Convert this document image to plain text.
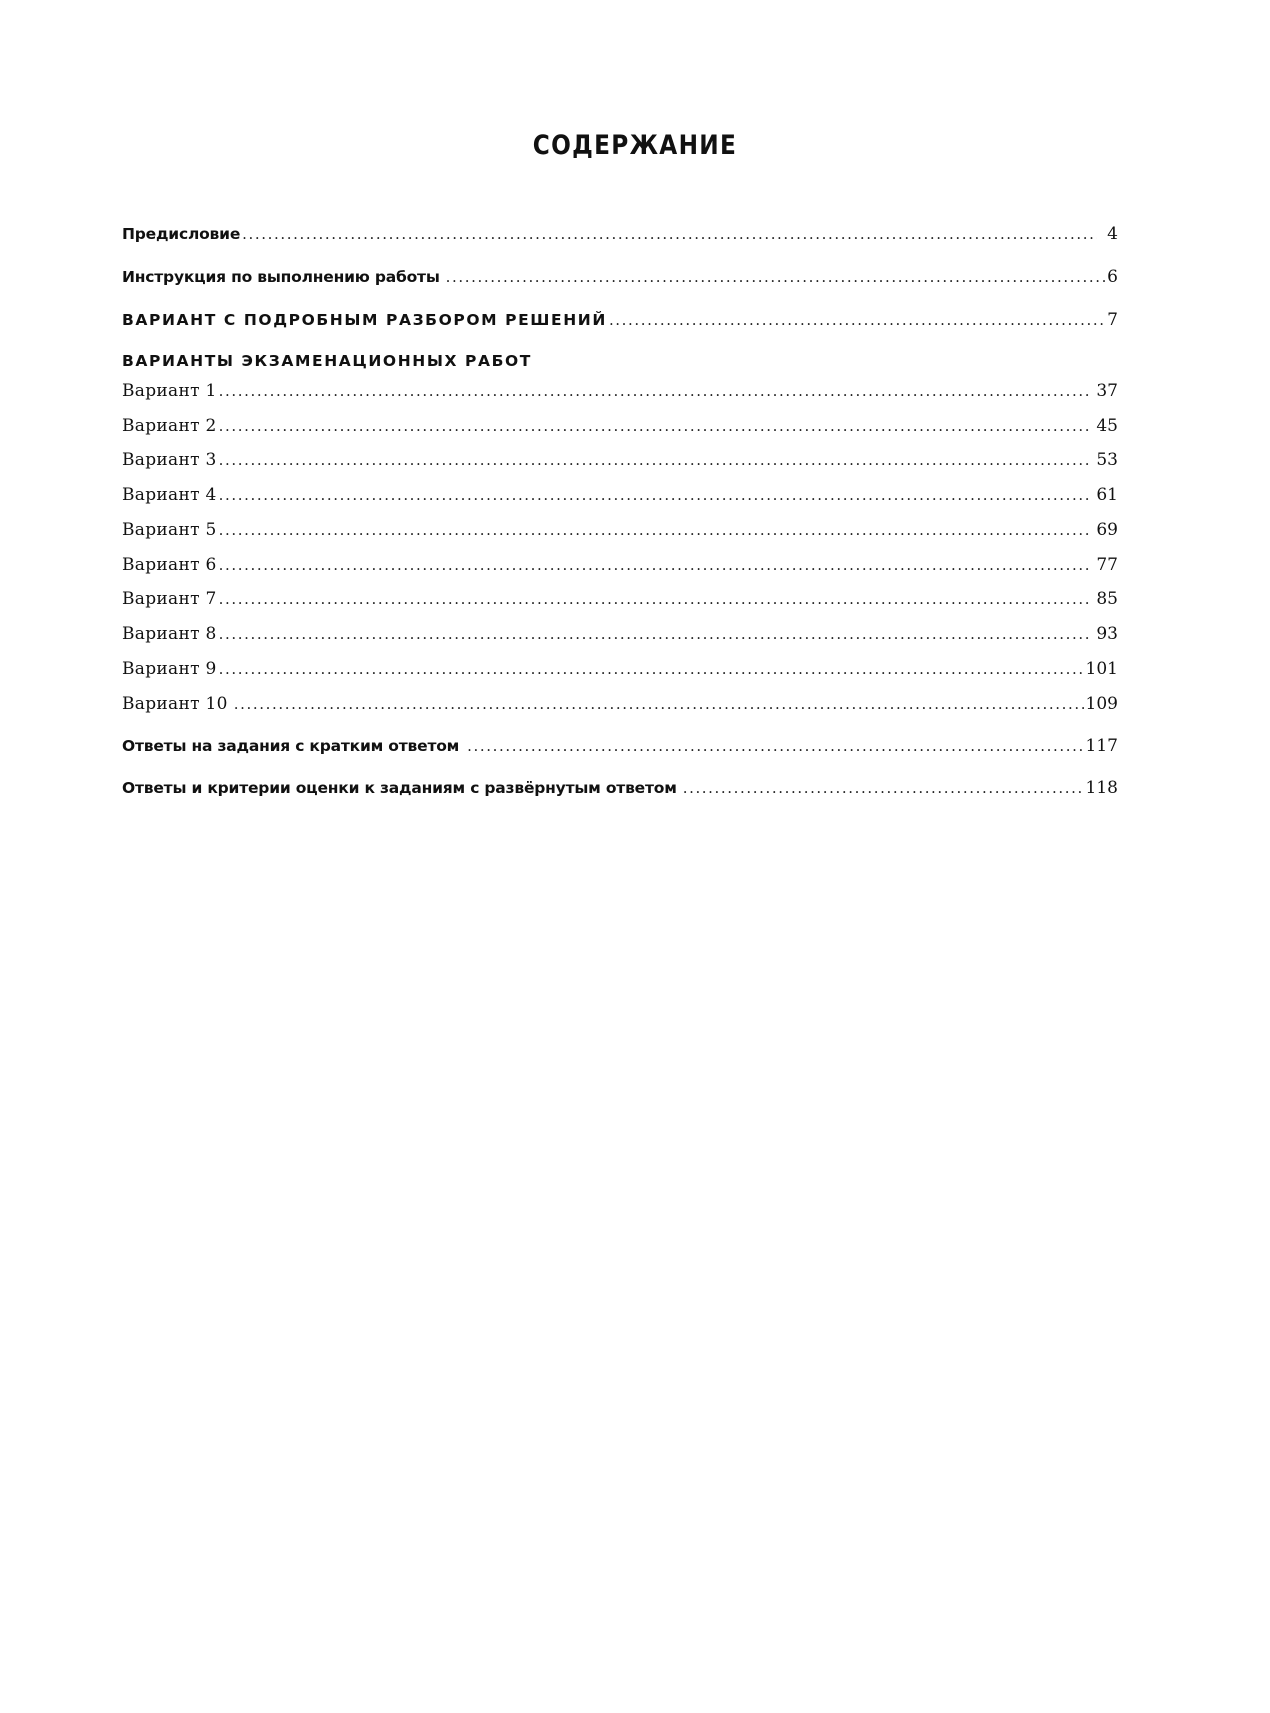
СОДЕРЖАНИЕ
Предисловие .....	4
Инструкция по выполнению работы .....	6
ВАРИАНТ С ПОДРОБНЫМ РАЗБОРОМ РЕШЕНИЙ .....	7
ВАРИАНТЫ ЭКЗАМЕНАЦИОННЫХ РАБОТ
Вариант 1 .....	37
Вариант 2 .....	45
Вариант 3 .....	53
Вариант 4 .....	61
Вариант 5 .....	69
Вариант 6 .....	77
Вариант 7 .....	85
Вариант 8 .....	93
Вариант 9 .....	101
Вариант 10 .....	109
Ответы на задания с кратким ответом .....	117
Ответы и критерии оценки к заданиям с развёрнутым ответом .....	118
